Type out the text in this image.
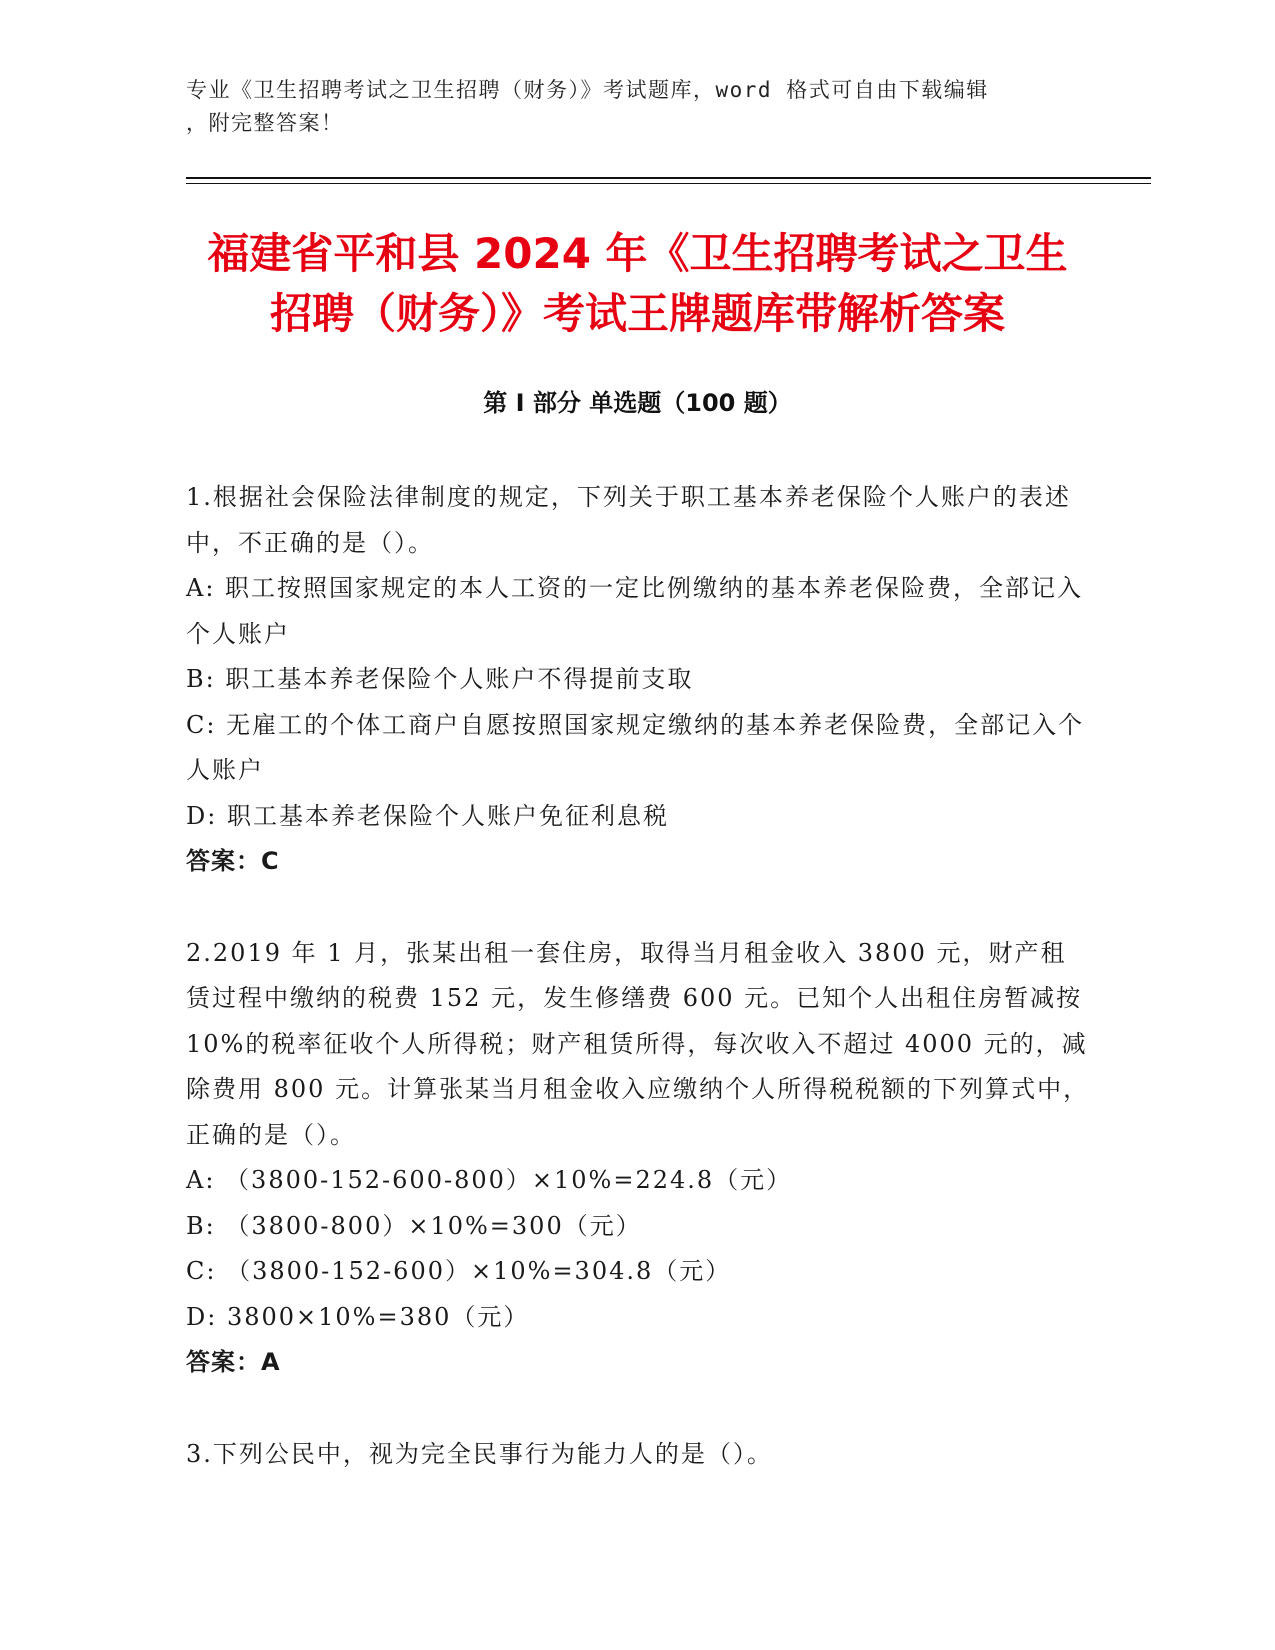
专业《卫生招聘考试之卫生招聘（财务）》考试题库，word 格式可自由下载编辑
，附完整答案！
福建省平和县 2024 年《卫生招聘考试之卫生
招聘（财务）》考试王牌题库带解析答案
第 I 部分 单选题（100 题）

1.根据社会保险法律制度的规定，下列关于职工基本养老保险个人账户的表述中，不正确的是（）。

A: 职工按照国家规定的本人工资的一定比例缴纳的基本养老保险费，全部记入个人账户

B: 职工基本养老保险个人账户不得提前支取

C: 无雇工的个体工商户自愿按照国家规定缴纳的基本养老保险费，全部记入个人账户

D: 职工基本养老保险个人账户免征利息税

答案：C

2.2019 年 1 月，张某出租一套住房，取得当月租金收入 3800 元，财产租赁过程中缴纳的税费 152 元，发生修缮费 600 元。已知个人出租住房暂减按 10%的税率征收个人所得税；财产租赁所得，每次收入不超过 4000 元的，减除费用 800 元。计算张某当月租金收入应缴纳个人所得税税额的下列算式中，正确的是（）。

A: （3800-152-600-800）×10%=224.8（元）

B: （3800-800）×10%=300（元）

C: （3800-152-600）×10%=304.8（元）

D: 3800×10%=380（元）

答案：A

3.下列公民中，视为完全民事行为能力人的是（）。
